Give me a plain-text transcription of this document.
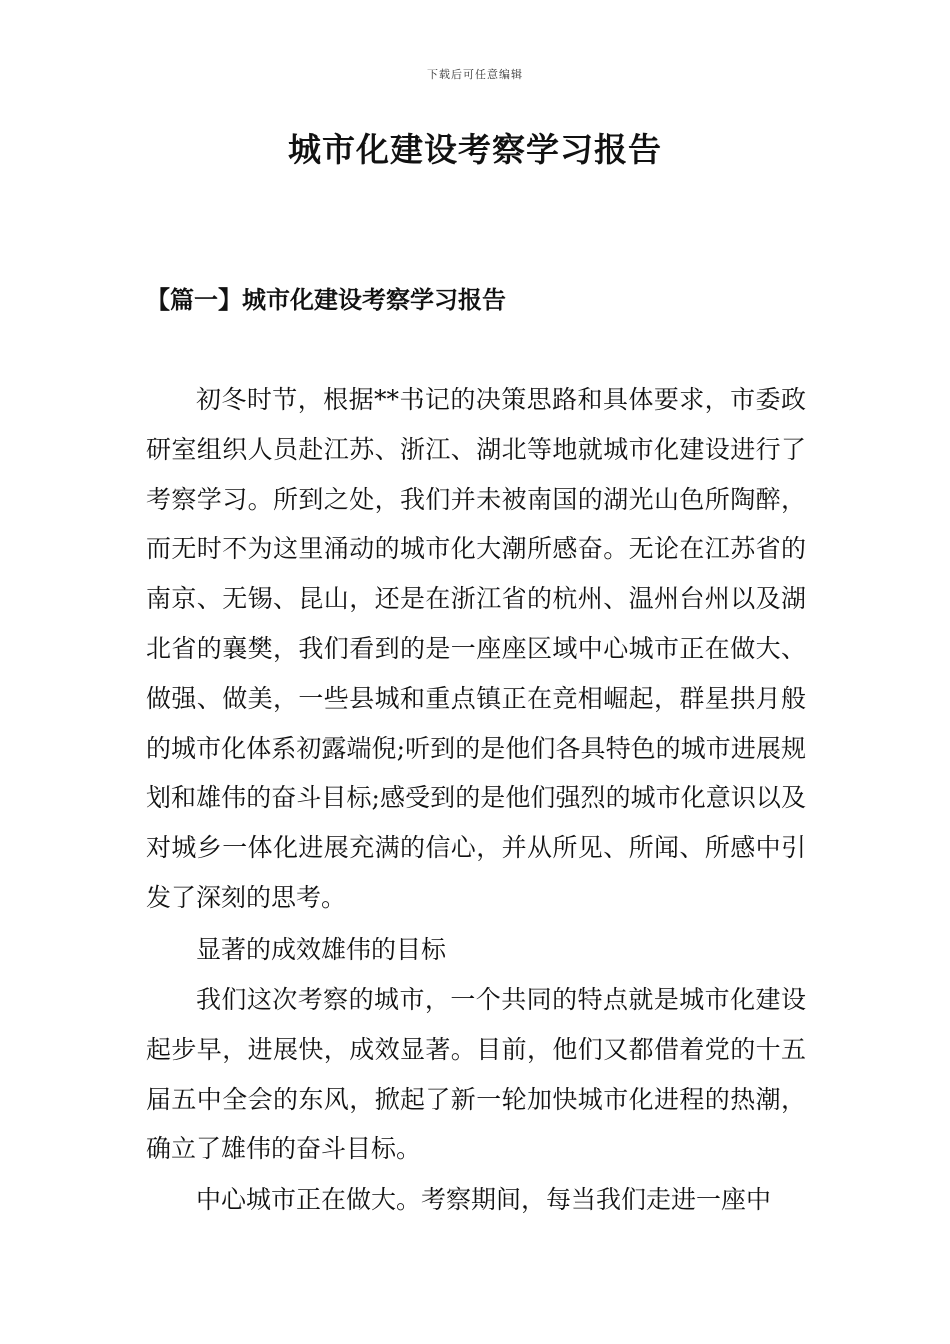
下载后可任意编辑
城市化建设考察学习报告
【篇一】城市化建设考察学习报告

初冬时节，根据**书记的决策思路和具体要求，市委政研室组织人员赴江苏、浙江、湖北等地就城市化建设进行了考察学习。所到之处，我们并未被南国的湖光山色所陶醉，而无时不为这里涌动的城市化大潮所感奋。无论在江苏省的南京、无锡、昆山，还是在浙江省的杭州、温州台州以及湖北省的襄樊，我们看到的是一座座区域中心城市正在做大、做强、做美，一些县城和重点镇正在竞相崛起，群星拱月般的城市化体系初露端倪;听到的是他们各具特色的城市进展规划和雄伟的奋斗目标;感受到的是他们强烈的城市化意识以及对城乡一体化进展充满的信心，并从所见、所闻、所感中引发了深刻的思考。

显著的成效雄伟的目标

我们这次考察的城市，一个共同的特点就是城市化建设起步早，进展快，成效显著。目前，他们又都借着党的十五届五中全会的东风，掀起了新一轮加快城市化进程的热潮，确立了雄伟的奋斗目标。

中心城市正在做大。考察期间，每当我们走进一座中
